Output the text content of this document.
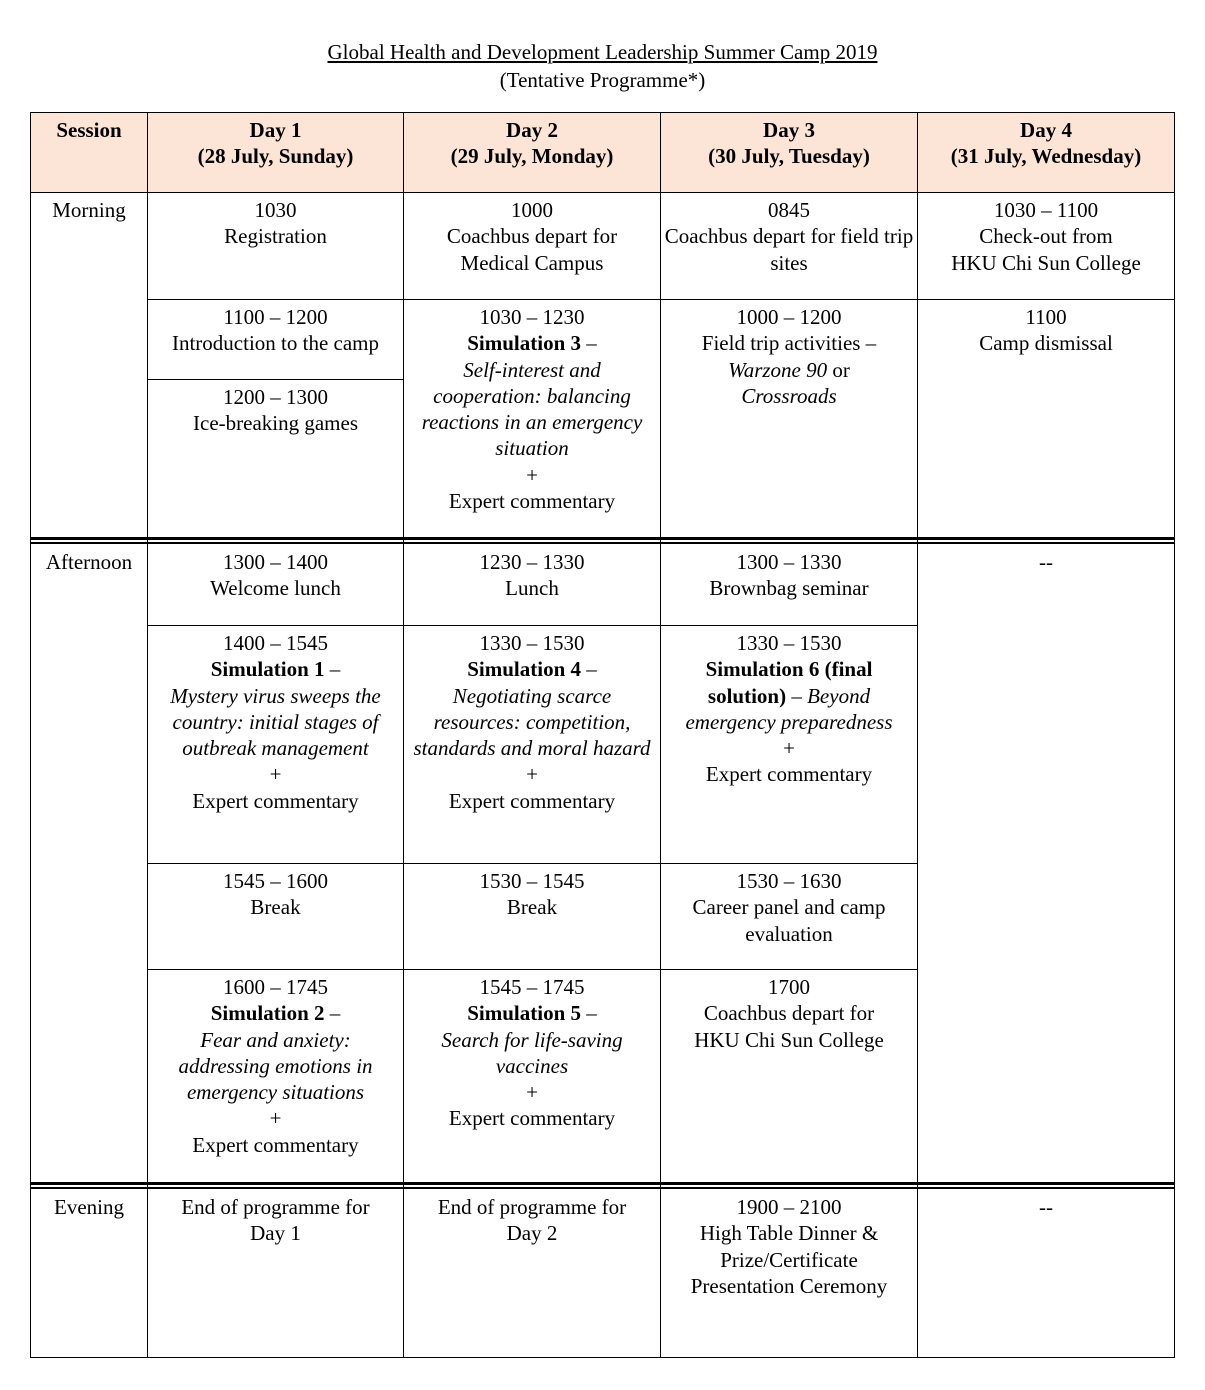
Global Health and Development Leadership Summer Camp 2019
(Tentative Programme*)
Session	Day 1
(28 July, Sunday)
Day 2
(29 July, Monday)
Day 3
(30 July, Tuesday)
Day 4
(31 July, Wednesday)
Morning
Afternoon
Evening
1030
Registration
1100 – 1200
Introduction to the camp
1200 – 1300
Ice-breaking games
1000
Coachbus depart for
Medical Campus
1030 – 1230
Simulation 3 –
Self-interest and cooperation: balancing reactions in an emergency situation
+
Expert commentary
0845
Coachbus depart for field trip sites
1000 – 1200
Field trip activities –
Warzone 90 or
Crossroads
1030 – 1100
Check-out from
HKU Chi Sun College
1100
Camp dismissal
1300 – 1400
Welcome lunch
1400 – 1545
Simulation 1 –
Mystery virus sweeps the country: initial stages of outbreak management
+
Expert commentary
1545 – 1600
Break
1600 – 1745
Simulation 2 –
Fear and anxiety: addressing emotions in emergency situations
+
Expert commentary
1230 – 1330
Lunch
1330 – 1530
Simulation 4 –
Negotiating scarce resources: competition, standards and moral hazard
+
Expert commentary
1530 – 1545
Break
1545 – 1745
Simulation 5 –
Search for life-saving vaccines
+
Expert commentary
1300 – 1330
Brownbag seminar
1330 – 1530
Simulation 6 (final
solution) – Beyond
emergency preparedness
+
Expert commentary
1530 – 1630
Career panel and camp evaluation
1700
Coachbus depart for
HKU Chi Sun College
--
End of programme for
Day 1
End of programme for
Day 2
1900 – 2100
High Table Dinner & Prize/Certificate Presentation Ceremony
--
